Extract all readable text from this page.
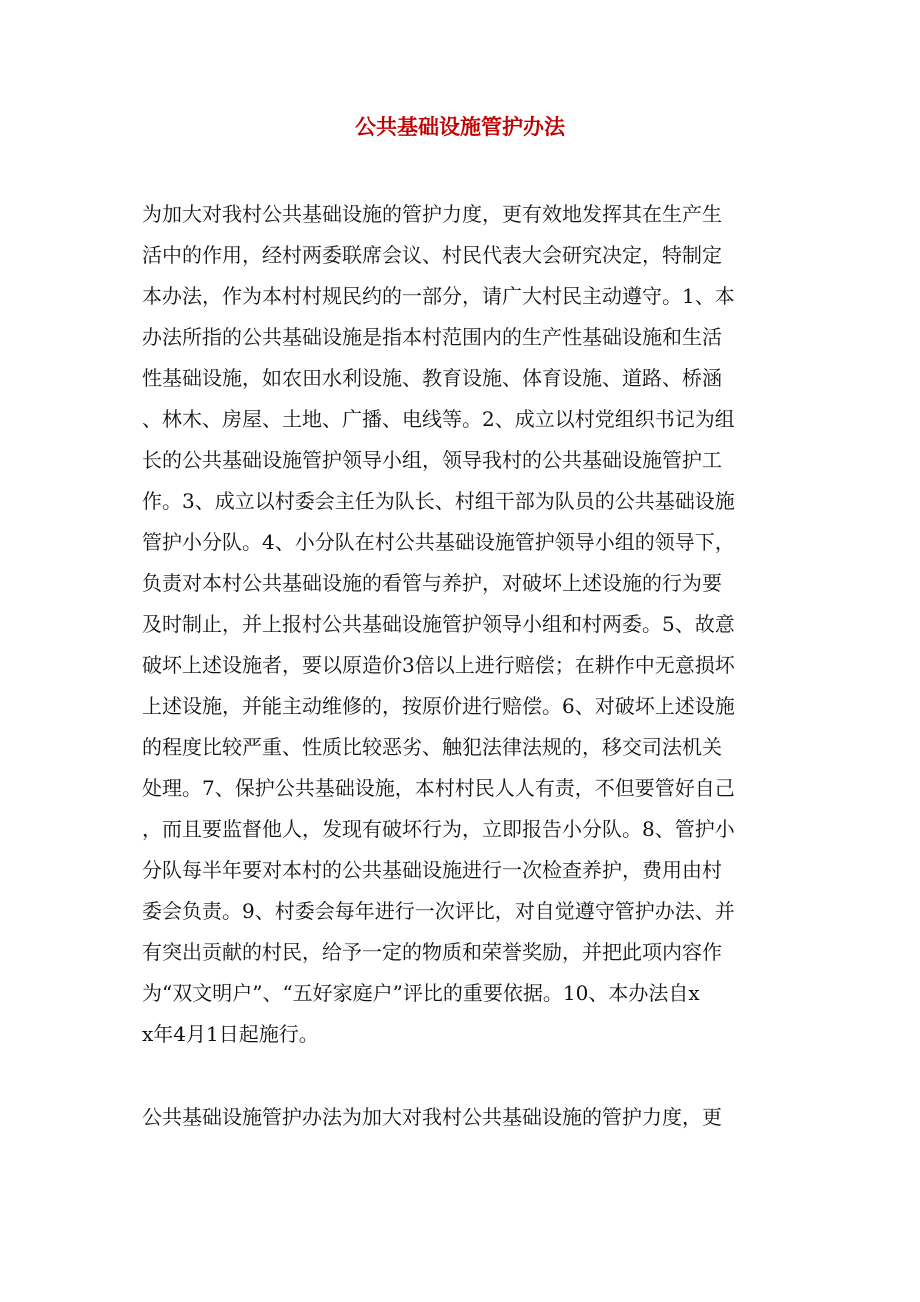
公共基础设施管护办法
为加大对我村公共基础设施的管护力度，更有效地发挥其在生产生
活中的作用，经村两委联席会议、村民代表大会研究决定，特制定
本办法，作为本村村规民约的一部分，请广大村民主动遵守。1、本
办法所指的公共基础设施是指本村范围内的生产性基础设施和生活
性基础设施，如农田水利设施、教育设施、体育设施、道路、桥涵
、林木、房屋、土地、广播、电线等。2、成立以村党组织书记为组
长的公共基础设施管护领导小组，领导我村的公共基础设施管护工
作。3、成立以村委会主任为队长、村组干部为队员的公共基础设施
管护小分队。4、小分队在村公共基础设施管护领导小组的领导下，
负责对本村公共基础设施的看管与养护，对破坏上述设施的行为要
及时制止，并上报村公共基础设施管护领导小组和村两委。5、故意
破坏上述设施者，要以原造价3倍以上进行赔偿；在耕作中无意损坏
上述设施，并能主动维修的，按原价进行赔偿。6、对破坏上述设施
的程度比较严重、性质比较恶劣、触犯法律法规的，移交司法机关
处理。7、保护公共基础设施，本村村民人人有责，不但要管好自己
，而且要监督他人，发现有破坏行为，立即报告小分队。8、管护小
分队每半年要对本村的公共基础设施进行一次检查养护，费用由村
委会负责。9、村委会每年进行一次评比，对自觉遵守管护办法、并
有突出贡献的村民，给予一定的物质和荣誉奖励，并把此项内容作
为“双文明户”、“五好家庭户”评比的重要依据。10、本办法自x
x年4月1日起施行。
公共基础设施管护办法为加大对我村公共基础设施的管护力度，更
